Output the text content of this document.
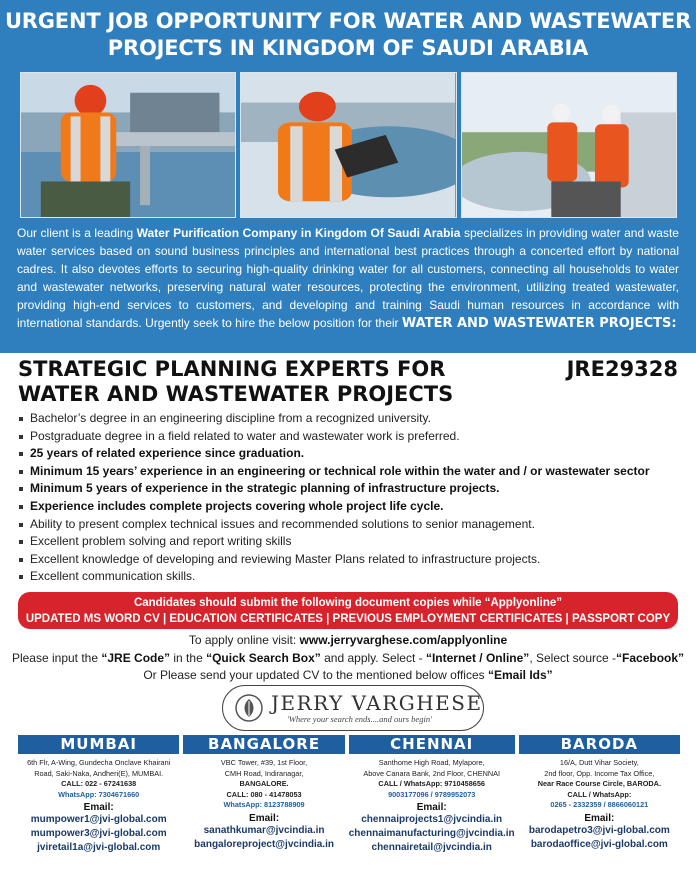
URGENT JOB OPPORTUNITY FOR WATER AND WASTEWATER
PROJECTS IN KINGDOM OF SAUDI ARABIA
Our client is a leading Water Purification Company in Kingdom Of Saudi Arabia specializes in providing water and waste water services based on sound business principles and international best practices through a concerted effort by national cadres. It also devotes efforts to securing high-quality drinking water for all customers, connecting all households to water and wastewater networks, preserving natural water resources, protecting the environment, utilizing treated wastewater, providing high-end services to customers, and developing and training Saudi human resources in accordance with international standards. Urgently seek to hire the below position for their WATER AND WASTEWATER PROJECTS:
STRATEGIC PLANNING EXPERTS FOR
WATER AND WASTEWATER PROJECTS
JRE29328
Bachelor’s degree in an engineering discipline from a recognized university.
Postgraduate degree in a field related to water and wastewater work is preferred.
25 years of related experience since graduation.
Minimum 15 years’ experience in an engineering or technical role within the water and / or wastewater sector
Minimum 5 years of experience in the strategic planning of infrastructure projects.
Experience includes complete projects covering whole project life cycle.
Ability to present complex technical issues and recommended solutions to senior management.
Excellent problem solving and report writing skills
Excellent knowledge of developing and reviewing Master Plans related to infrastructure projects.
Excellent communication skills.
Candidates should submit the following document copies while “Applyonline”
UPDATED MS WORD CV | EDUCATION CERTIFICATES | PREVIOUS EMPLOYMENT CERTIFICATES | PASSPORT COPY
To apply online visit: www.jerryvarghese.com/applyonline
Please input the “JRE Code” in the “Quick Search Box” and apply. Select - “Internet / Online”, Select source -“Facebook”
Or Please send your updated CV to the mentioned below offices “Email Ids”
JERRY VARGHESE
'Where your search ends....and ours begin'
MUMBAI
6th Flr, A-Wing, Gundecha Onclave Khairani
Road, Saki-Naka, Andheri(E), MUMBAI.
CALL: 022 - 67241638
WhatsApp: 7304671660
Email:
mumpower1@jvi-global.com
mumpower3@jvi-global.com
jviretail1a@jvi-global.com
BANGALORE
VBC Tower, #39, 1st Floor,
CMH Road, Indiranagar,
BANGALORE.
CALL: 080 - 41478053
WhatsApp: 8123788909
Email:
sanathkumar@jvcindia.in
bangaloreproject@jvcindia.in
CHENNAI
Santhome High Road, Mylapore,
Above Canara Bank, 2nd Floor, CHENNAI
CALL / WhatsApp: 9710458656
9003177096 / 9789952073
Email:
chennaiprojects1@jvcindia.in
chennaimanufacturing@jvcindia.in
chennairetail@jvcindia.in
BARODA
16/A, Dutt Vihar Society,
2nd floor, Opp. Income Tax Office,
Near Race Course Circle, BARODA.
CALL / WhatsApp:
0265 - 2332359 / 8866060121
Email:
barodapetro3@jvi-global.com
barodaoffice@jvi-global.com
